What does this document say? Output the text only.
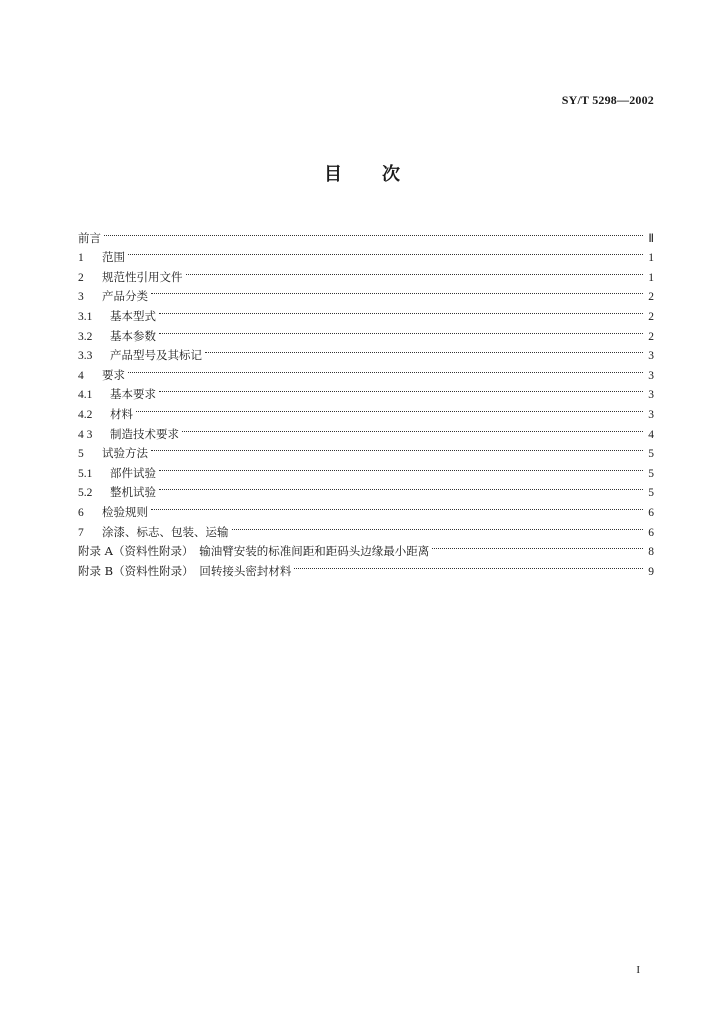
SY/T 5298—2002
目 次
前言	Ⅱ
1	范围	1
2	规范性引用文件	1
3	产品分类	2
3.1	基本型式	2
3.2	基本参数	2
3.3	产品型号及其标记	3
4	要求	3
4.1	基本要求	3
4.2	材料	3
4 3	制造技术要求	4
5	试验方法	5
5.1	部件试验	5
5.2	整机试验	5
6	检验规则	6
7	涂漆、标志、包装、运输	6
附录 A（资料性附录）　输油臂安装的标准间距和距码头边缘最小距离	8
附录 B（资料性附录）　回转接头密封材料	9
I
